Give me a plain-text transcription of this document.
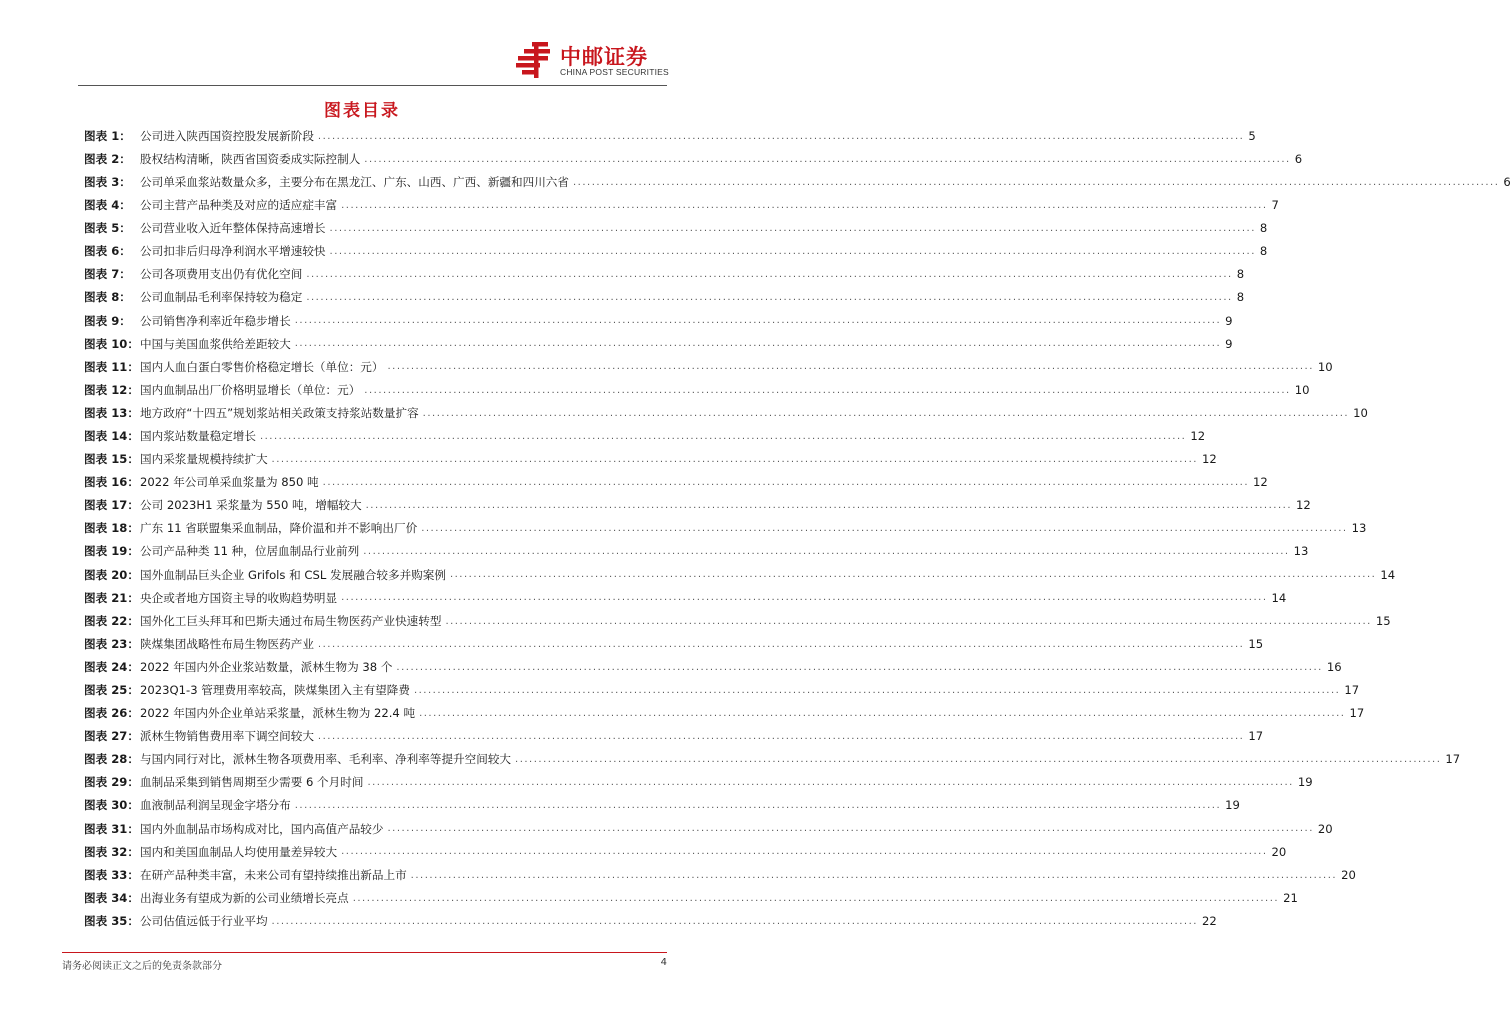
中邮证券
CHINA POST SECURITIES
图表目录
图表 1： 公司进入陕西国资控股发展新阶段 .....	5
图表 2： 股权结构清晰，陕西省国资委成实际控制人 .....	6
图表 3： 公司单采血浆站数量众多，主要分布在黑龙江、广东、山西、广西、新疆和四川六省 .....	6
图表 4： 公司主营产品种类及对应的适应症丰富 .....	7
图表 5： 公司营业收入近年整体保持高速增长 .....	8
图表 6： 公司扣非后归母净利润水平增速较快 .....	8
图表 7： 公司各项费用支出仍有优化空间 .....	8
图表 8： 公司血制品毛利率保持较为稳定 .....	8
图表 9： 公司销售净利率近年稳步增长 .....	9
图表 10： 中国与美国血浆供给差距较大 .....	9
图表 11： 国内人血白蛋白零售价格稳定增长（单位：元） .....	10
图表 12： 国内血制品出厂价格明显增长（单位：元） .....	10
图表 13： 地方政府“十四五”规划浆站相关政策支持浆站数量扩容 .....	10
图表 14： 国内浆站数量稳定增长 .....	12
图表 15： 国内采浆量规模持续扩大 .....	12
图表 16： 2022 年公司单采血浆量为 850 吨 .....	12
图表 17： 公司 2023H1 采浆量为 550 吨，增幅较大 .....	12
图表 18： 广东 11 省联盟集采血制品，降价温和并不影响出厂价 .....	13
图表 19： 公司产品种类 11 种，位居血制品行业前列 .....	13
图表 20： 国外血制品巨头企业 Grifols 和 CSL 发展融合较多并购案例 .....	14
图表 21： 央企或者地方国资主导的收购趋势明显 .....	14
图表 22： 国外化工巨头拜耳和巴斯夫通过布局生物医药产业快速转型 .....	15
图表 23： 陕煤集团战略性布局生物医药产业 .....	15
图表 24： 2022 年国内外企业浆站数量，派林生物为 38 个 .....	16
图表 25： 2023Q1-3 管理费用率较高，陕煤集团入主有望降费 .....	17
图表 26： 2022 年国内外企业单站采浆量，派林生物为 22.4 吨 .....	17
图表 27： 派林生物销售费用率下调空间较大 .....	17
图表 28： 与国内同行对比，派林生物各项费用率、毛利率、净利率等提升空间较大 .....	17
图表 29： 血制品采集到销售周期至少需要 6 个月时间 .....	19
图表 30： 血液制品利润呈现金字塔分布 .....	19
图表 31： 国内外血制品市场构成对比，国内高值产品较少 .....	20
图表 32： 国内和美国血制品人均使用量差异较大 .....	20
图表 33： 在研产品种类丰富，未来公司有望持续推出新品上市 .....	20
图表 34： 出海业务有望成为新的公司业绩增长亮点 .....	21
图表 35： 公司估值远低于行业平均 .....	22
请务必阅读正文之后的免责条款部分	4
